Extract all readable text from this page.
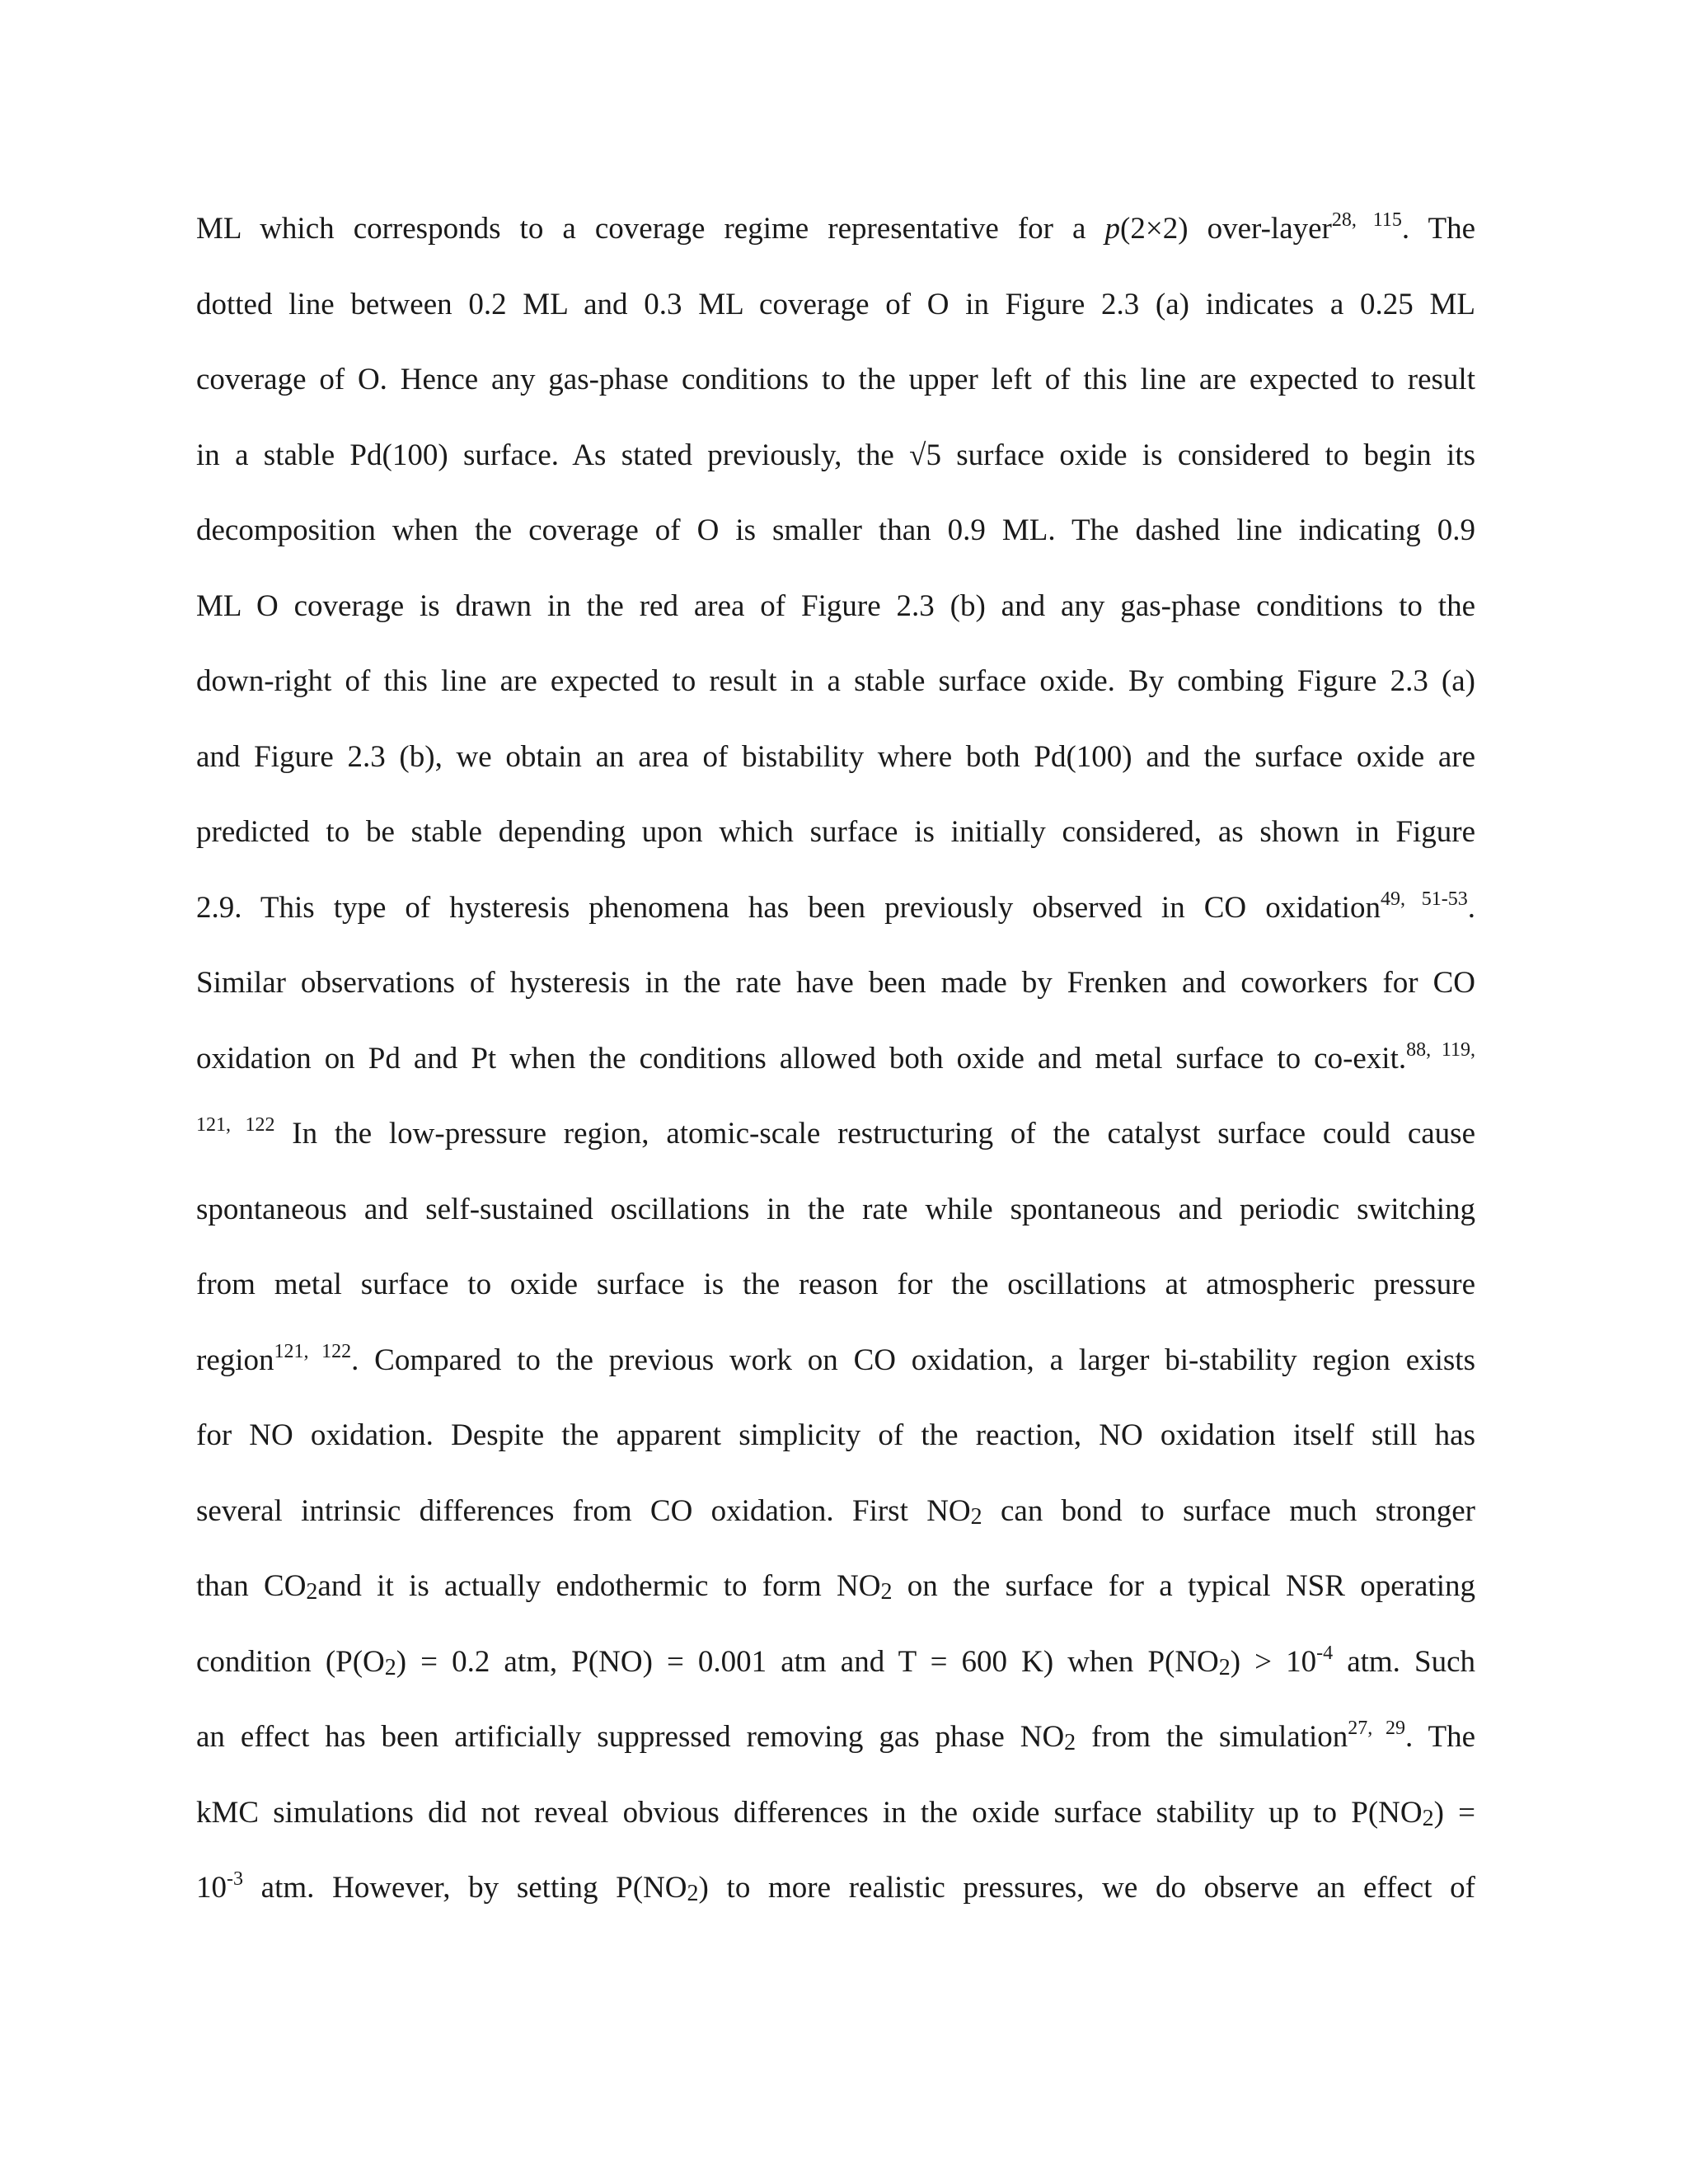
ML which corresponds to a coverage regime representative for a p(2×2) over-layer$^{28, 115}$. The
dotted line between 0.2 ML and 0.3 ML coverage of O in Figure 2.3 (a) indicates a 0.25 ML
coverage of O. Hence any gas-phase conditions to the upper left of this line are expected to result
in a stable Pd(100) surface. As stated previously, the √5 surface oxide is considered to begin its
decomposition when the coverage of O is smaller than 0.9 ML. The dashed line indicating 0.9
ML O coverage is drawn in the red area of Figure 2.3 (b) and any gas-phase conditions to the
down-right of this line are expected to result in a stable surface oxide. By combing Figure 2.3 (a)
and Figure 2.3 (b), we obtain an area of bistability where both Pd(100) and the surface oxide are
predicted to be stable depending upon which surface is initially considered, as shown in Figure
2.9. This type of hysteresis phenomena has been previously observed in CO oxidation$^{49, 51-53}$.
Similar observations of hysteresis in the rate have been made by Frenken and coworkers for CO
oxidation on Pd and Pt when the conditions allowed both oxide and metal surface to co-exit.$^{88, 119,}$
$^{121, 122}$ In the low-pressure region, atomic-scale restructuring of the catalyst surface could cause
spontaneous and self-sustained oscillations in the rate while spontaneous and periodic switching
from metal surface to oxide surface is the reason for the oscillations at atmospheric pressure
region$^{121, 122}$. Compared to the previous work on CO oxidation, a larger bi-stability region exists
for NO oxidation. Despite the apparent simplicity of the reaction, NO oxidation itself still has
several intrinsic differences from CO oxidation. First NO2 can bond to surface much stronger
than CO2and it is actually endothermic to form NO2 on the surface for a typical NSR operating
condition (P(O2) = 0.2 atm, P(NO) = 0.001 atm and T = 600 K) when $P(NO2) > 10^{-4}$ atm. Such
an effect has been artificially suppressed removing gas phase NO2 from the simulation$^{27, 29}$. The
kMC simulations did not reveal obvious differences in the oxide surface stability up to P(NO2) =
$10^{-3}$ atm. However, by setting P(NO2) to more realistic pressures, we do observe an effect of
